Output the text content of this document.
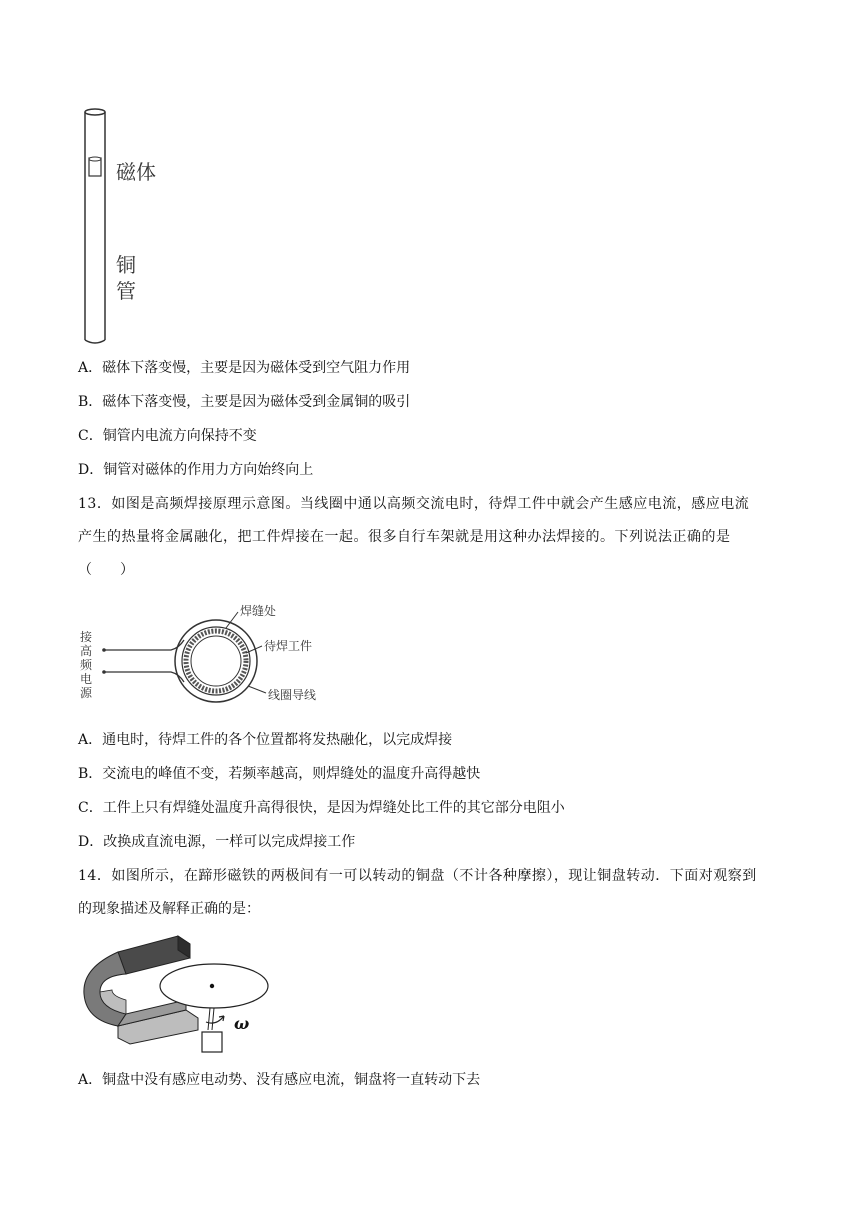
磁体
铜
管
A．磁体下落变慢，主要是因为磁体受到空气阻力作用
B．磁体下落变慢，主要是因为磁体受到金属铜的吸引
C．铜管内电流方向保持不变
D．铜管对磁体的作用力方向始终向上
13．如图是高频焊接原理示意图。当线圈中通以高频交流电时，待焊工件中就会产生感应电流，感应电流
产生的热量将金属融化，把工件焊接在一起。很多自行车架就是用这种办法焊接的。下列说法正确的是
（　　）
焊缝处
待焊工件
线圈导线
接高频电源
A．通电时，待焊工件的各个位置都将发热融化，以完成焊接
B．交流电的峰值不变，若频率越高，则焊缝处的温度升高得越快
C．工件上只有焊缝处温度升高得很快，是因为焊缝处比工件的其它部分电阻小
D．改换成直流电源，一样可以完成焊接工作
14．如图所示，在蹄形磁铁的两极间有一可以转动的铜盘（不计各种摩擦），现让铜盘转动．下面对观察到
的现象描述及解释正确的是：
ω
A．铜盘中没有感应电动势、没有感应电流，铜盘将一直转动下去
